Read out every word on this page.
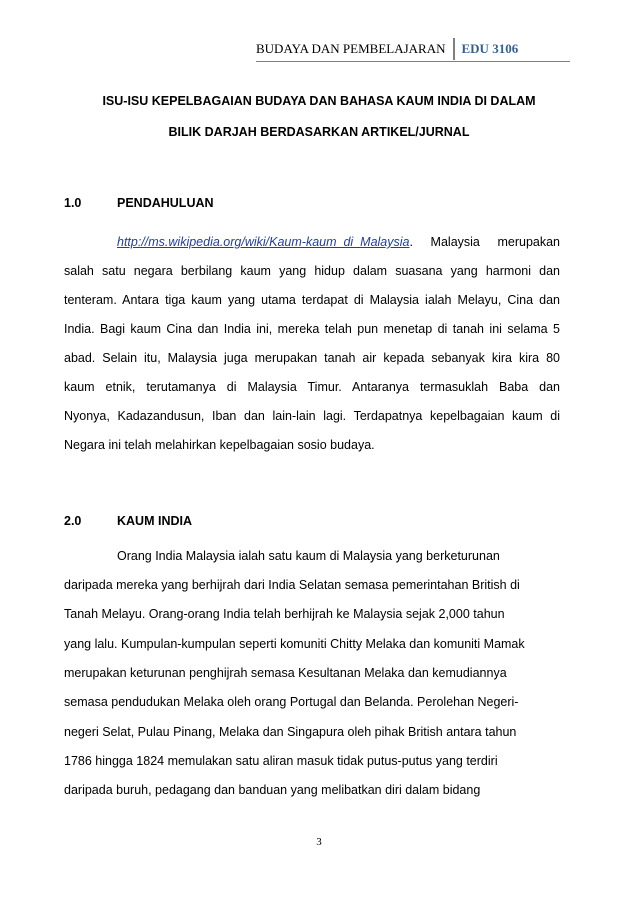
BUDAYA DAN PEMBELAJARAN	EDU 3106
ISU-ISU KEPELBAGAIAN BUDAYA DAN BAHASA KAUM INDIA DI DALAM
BILIK DARJAH BERDASARKAN ARTIKEL/JURNAL
1.0	PENDAHULUAN
http://ms.wikipedia.org/wiki/Kaum-kaum_di_Malaysia. Malaysia merupakan
salah satu negara berbilang kaum yang hidup dalam suasana yang harmoni dan
tenteram. Antara tiga kaum yang utama terdapat di Malaysia ialah Melayu, Cina dan
India. Bagi kaum Cina dan India ini, mereka telah pun menetap di tanah ini selama 5
abad. Selain itu, Malaysia juga merupakan tanah air kepada sebanyak kira kira 80
kaum etnik, terutamanya di Malaysia Timur. Antaranya termasuklah Baba dan
Nyonya, Kadazandusun, Iban dan lain-lain lagi. Terdapatnya kepelbagaian kaum di
Negara ini telah melahirkan kepelbagaian sosio budaya.
2.0	KAUM INDIA
Orang India Malaysia ialah satu kaum di Malaysia yang berketurunan
daripada mereka yang berhijrah dari India Selatan semasa pemerintahan British di
Tanah Melayu. Orang-orang India telah berhijrah ke Malaysia sejak 2,000 tahun
yang lalu. Kumpulan-kumpulan seperti komuniti Chitty Melaka dan komuniti Mamak
merupakan keturunan penghijrah semasa Kesultanan Melaka dan kemudiannya
semasa pendudukan Melaka oleh orang Portugal dan Belanda. Perolehan Negeri-
negeri Selat, Pulau Pinang, Melaka dan Singapura oleh pihak British antara tahun
1786 hingga 1824 memulakan satu aliran masuk tidak putus-putus yang terdiri
daripada buruh, pedagang dan banduan yang melibatkan diri dalam bidang
3
